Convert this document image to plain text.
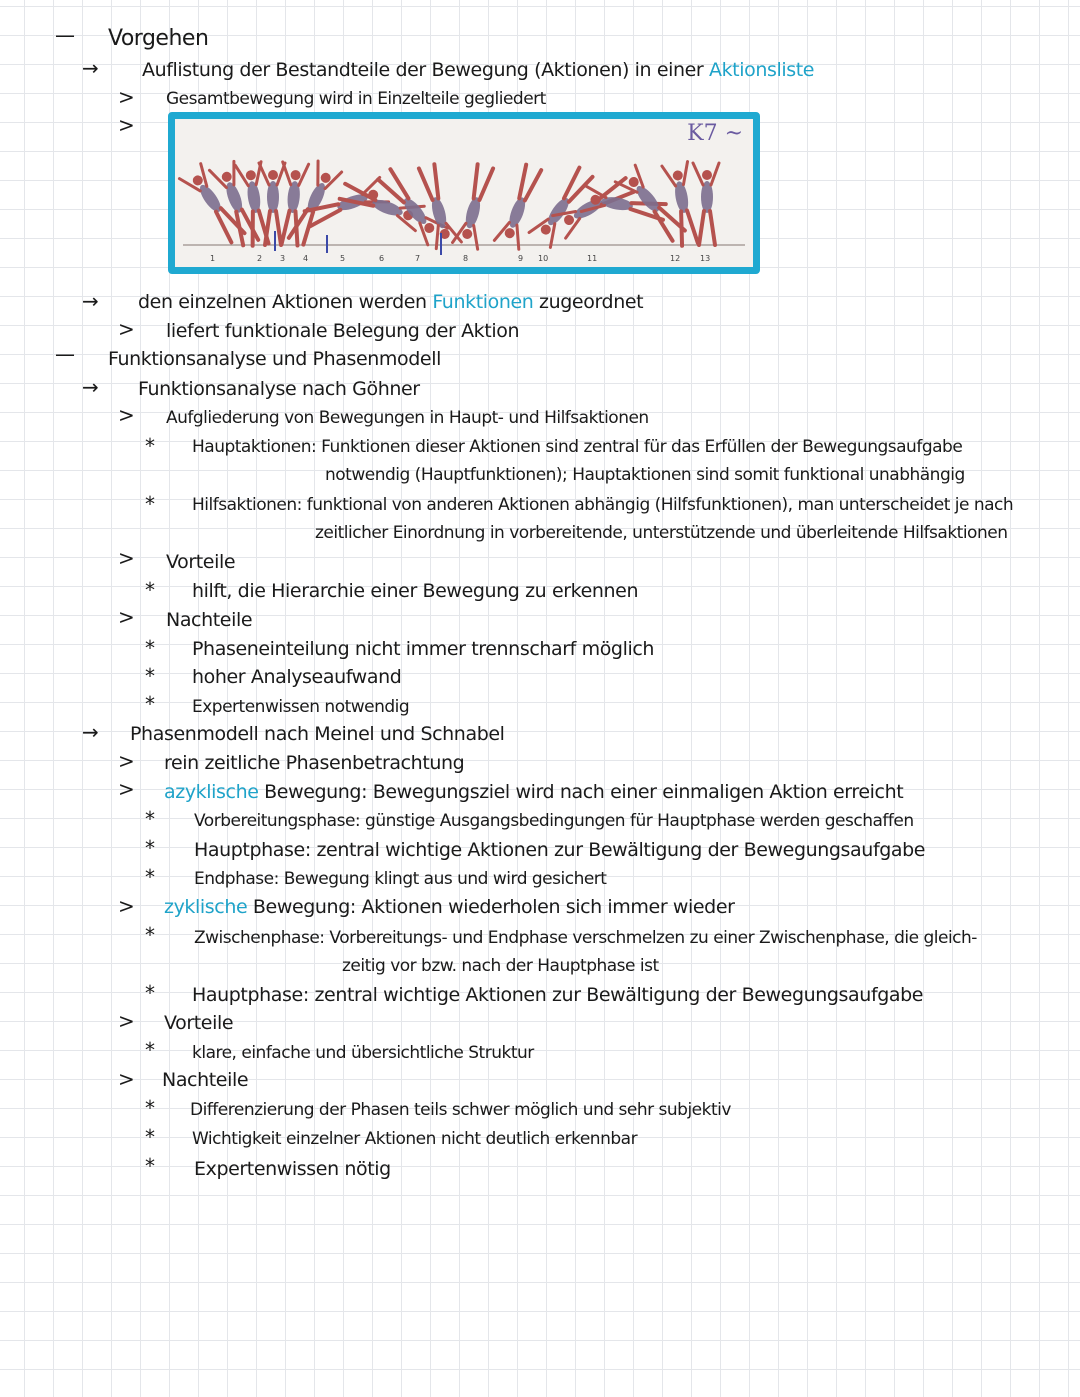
— Vorgehen
→ Auflistung der Bestandteile der Bewegung (Aktionen) in einer Aktionsliste
> Gesamtbewegung wird in Einzelteile gegliedert
>	K7 ~
1	2 3 4	5	6	7	8	9 10	11	12 13
→ den einzelnen Aktionen werden Funktionen zugeordnet
> liefert funktionale Belegung der Aktion
— Funktionsanalyse und Phasenmodell
→ Funktionsanalyse nach Göhner
> Aufgliederung von Bewegungen in Haupt- und Hilfsaktionen
* Hauptaktionen: Funktionen dieser Aktionen sind zentral für das Erfüllen der Bewegungsaufgabe
notwendig (Hauptfunktionen); Hauptaktionen sind somit funktional unabhängig
* Hilfsaktionen: funktional von anderen Aktionen abhängig (Hilfsfunktionen), man unterscheidet je nach
zeitlicher Einordnung in vorbereitende, unterstützende und überleitende Hilfsaktionen
> Vorteile
* hilft, die Hierarchie einer Bewegung zu erkennen
> Nachteile
* Phaseneinteilung nicht immer trennscharf möglich
* hoher Analyseaufwand
* Expertenwissen notwendig
→ Phasenmodell nach Meinel und Schnabel
> rein zeitliche Phasenbetrachtung
> azyklische Bewegung: Bewegungsziel wird nach einer einmaligen Aktion erreicht
* Vorbereitungsphase: günstige Ausgangsbedingungen für Hauptphase werden geschaffen
* Hauptphase: zentral wichtige Aktionen zur Bewältigung der Bewegungsaufgabe
* Endphase: Bewegung klingt aus und wird gesichert
> zyklische Bewegung: Aktionen wiederholen sich immer wieder
* Zwischenphase: Vorbereitungs- und Endphase verschmelzen zu einer Zwischenphase, die gleich-
zeitig vor bzw. nach der Hauptphase ist
* Hauptphase: zentral wichtige Aktionen zur Bewältigung der Bewegungsaufgabe
> Vorteile
* klare, einfache und übersichtliche Struktur
> Nachteile
* Differenzierung der Phasen teils schwer möglich und sehr subjektiv
* Wichtigkeit einzelner Aktionen nicht deutlich erkennbar
* Expertenwissen nötig
